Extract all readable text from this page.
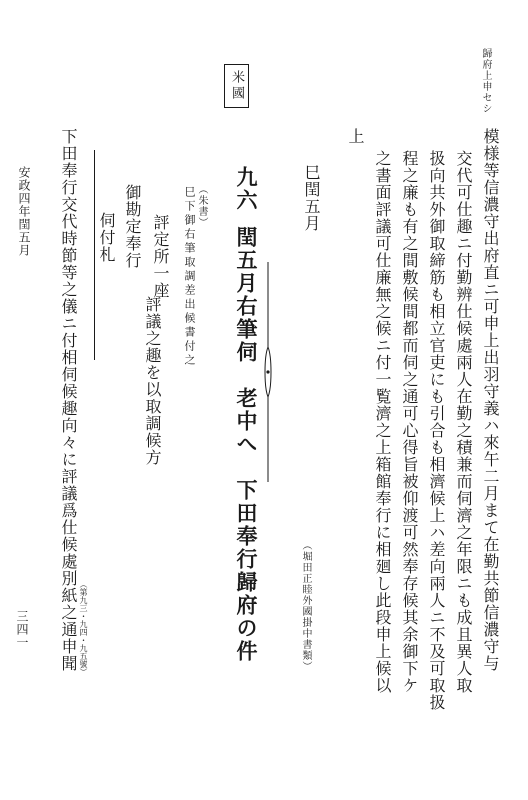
歸府上申セシ
米國
模様等信濃守出府直ニ可申上出羽守義ハ來午二月まて在勤共節信濃守与
交代可仕趣ニ付勤辨仕候處兩人在勤之積兼而伺濟之年限ニも成且異人取
扱向共外御取締筋も相立官吏にも引合も相濟候上ハ差向兩人ニ不及可取扱
程之廉も有之間敷候間都而伺之通可心得旨被仰渡可然奉存候其余御下ケ
之書面評議可仕廉無之候ニ付一覧濟之上箱館奉行に相廻し此段申上候以
上
巳閏五月
（堀田正睦外國掛中書類）
九六
閏五月右筆伺　老中へ　下田奉行歸府の件
（朱書）
巳下御右筆取調差出候書付之
評定所一座
評議之趣を以取調候方
御勘定奉行
伺付札
下田奉行交代時節等之儀ニ付相伺候趣向々に評議爲仕候處別紙之通申聞 （第九三・九四・九五號）
安政四年閏五月
三四一
